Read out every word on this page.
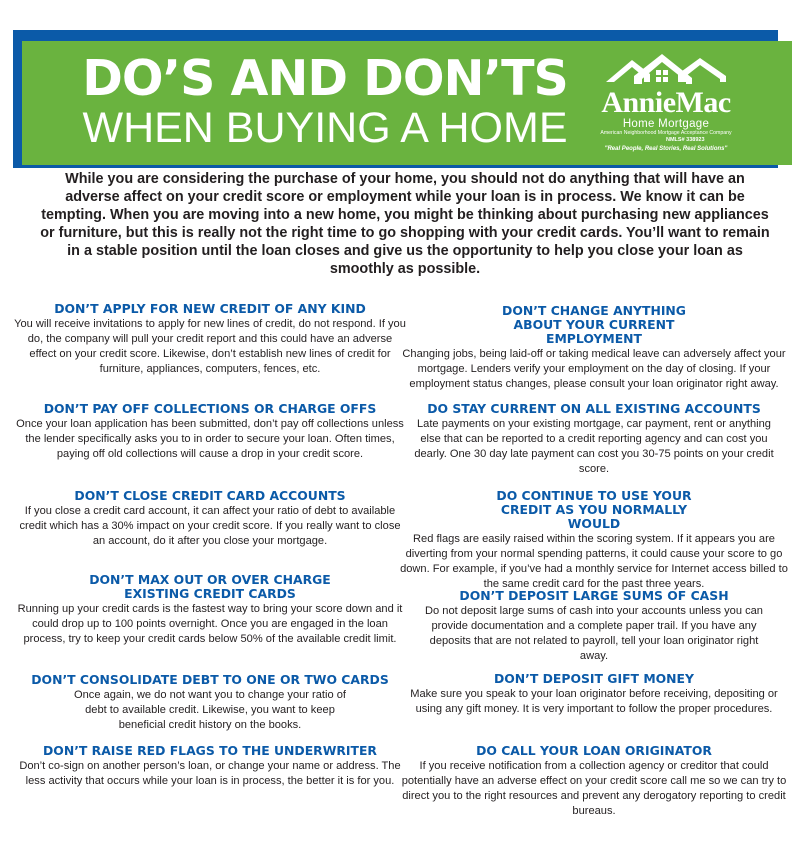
DO’S AND DON’TS
WHEN BUYING A HOME
AnnieMac
Home Mortgage
American Neighborhood Mortgage Acceptance Company
NMLS# 338923
"Real People, Real Stories, Real Solutions"
While you are considering the purchase of your home, you should not do anything that will have an adverse affect on your credit score or employment while your loan is in process. We know it can be tempting. When you are moving into a new home, you might be thinking about purchasing new appliances or furniture, but this is really not the right time to go shopping with your credit cards. You’ll want to remain in a stable position until the loan closes and give us the opportunity to help you close your loan as smoothly as possible.
DON’T APPLY FOR NEW CREDIT OF ANY KIND

You will receive invitations to apply for new lines of credit, do not respond. If you do, the company will pull your credit report and this could have an adverse effect on your credit score. Likewise, don’t establish new lines of credit for furniture, appliances, computers, fences, etc.

DON’T PAY OFF COLLECTIONS OR CHARGE OFFS

Once your loan application has been submitted, don’t pay off collections unless the lender specifically asks you to in order to secure your loan. Often times, paying off old collections will cause a drop in your credit score.

DON’T CLOSE CREDIT CARD ACCOUNTS

If you close a credit card account, it can affect your ratio of debt to available credit which has a 30% impact on your credit score. If you really want to close an account, do it after you close your mortgage.

DON’T MAX OUT OR OVER CHARGE EXISTING CREDIT CARDS

Running up your credit cards is the fastest way to bring your score down and it could drop up to 100 points overnight. Once you are engaged in the loan process, try to keep your credit cards below 50% of the available credit limit.

DON’T CONSOLIDATE DEBT TO ONE OR TWO CARDS

Once again, we do not want you to change your ratio of debt to available credit. Likewise, you want to keep beneficial credit history on the books.

DON’T RAISE RED FLAGS TO THE UNDERWRITER

Don’t co-sign on another person’s loan, or change your name or address. The less activity that occurs while your loan is in process, the better it is for you.

DON’T CHANGE ANYTHING ABOUT YOUR CURRENT EMPLOYMENT

Changing jobs, being laid-off or taking medical leave can adversely affect your mortgage. Lenders verify your employment on the day of closing. If your employment status changes, please consult your loan originator right away.

DO STAY CURRENT ON ALL EXISTING ACCOUNTS

Late payments on your existing mortgage, car payment, rent or anything else that can be reported to a credit reporting agency and can cost you dearly. One 30 day late payment can cost you 30-75 points on your credit score.

DO CONTINUE TO USE YOUR CREDIT AS YOU NORMALLY WOULD

Red flags are easily raised within the scoring system. If it appears you are diverting from your normal spending patterns, it could cause your score to go down. For example, if you’ve had a monthly service for Internet access billed to the same credit card for the past three years.

DON’T DEPOSIT LARGE SUMS OF CASH

Do not deposit large sums of cash into your accounts unless you can provide documentation and a complete paper trail. If you have any deposits that are not related to payroll, tell your loan originator right away.

DON’T DEPOSIT GIFT MONEY

Make sure you speak to your loan originator before receiving, depositing or using any gift money. It is very important to follow the proper procedures.

DO CALL YOUR LOAN ORIGINATOR

If you receive notification from a collection agency or creditor that could potentially have an adverse effect on your credit score call me so we can try to direct you to the right resources and prevent any derogatory reporting to credit bureaus.
